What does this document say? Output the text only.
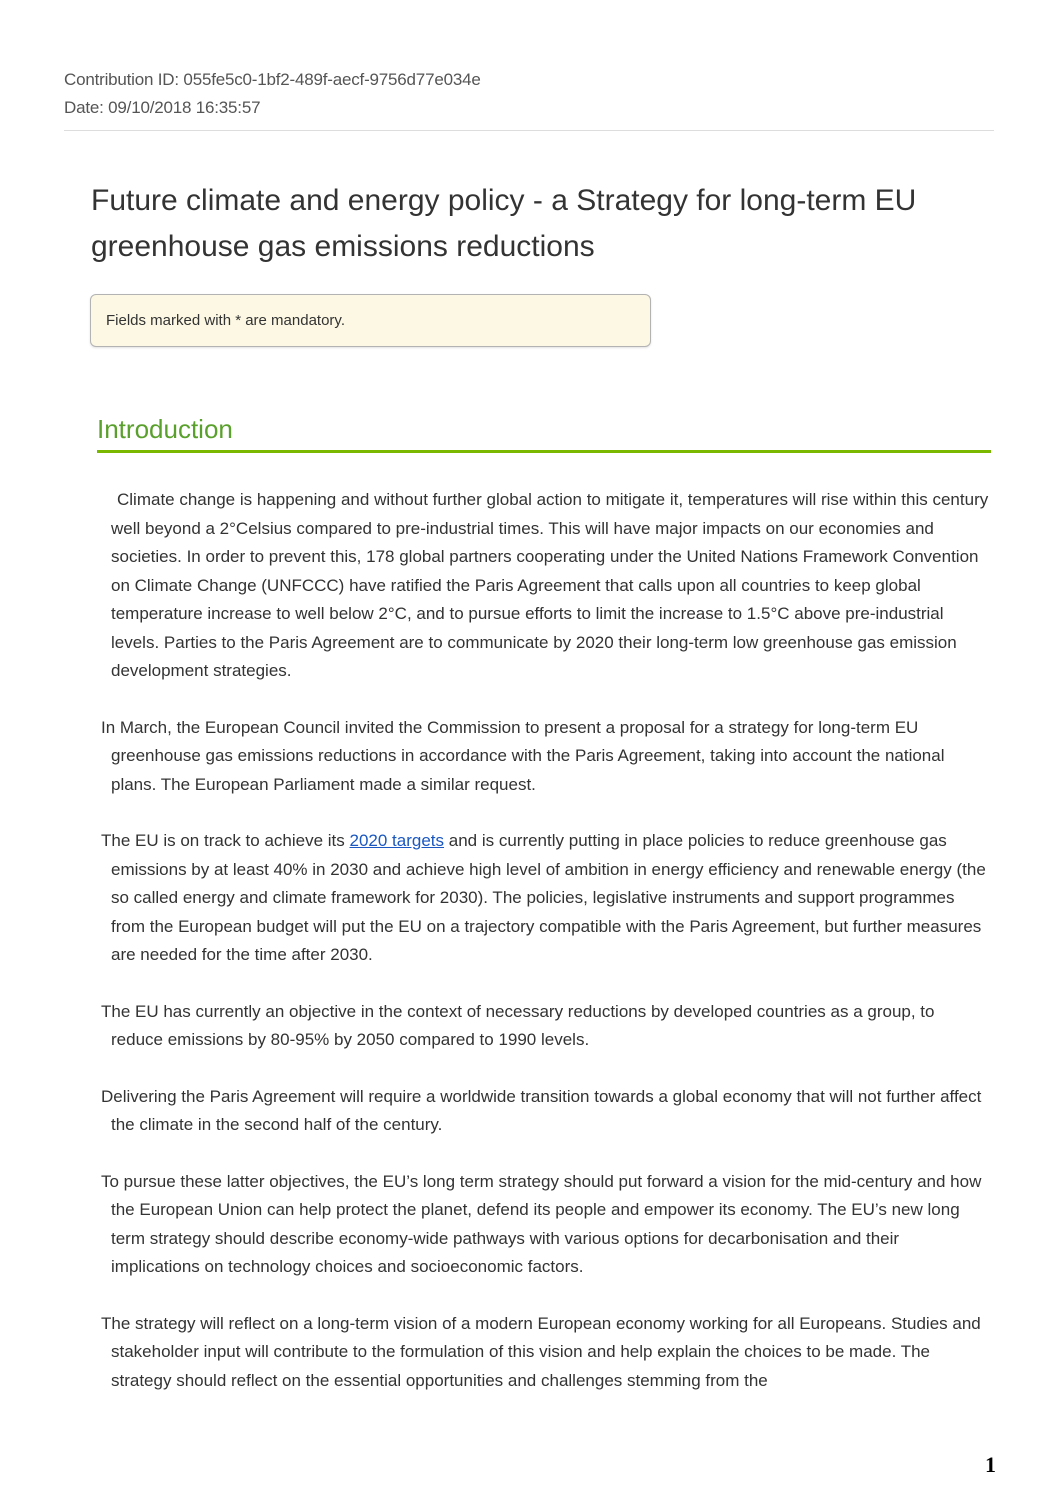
Contribution ID: 055fe5c0-1bf2-489f-aecf-9756d77e034e
Date: 09/10/2018 16:35:57
Future climate and energy policy - a Strategy for long-term EU greenhouse gas emissions reductions
Fields marked with * are mandatory.
Introduction

Climate change is happening and without further global action to mitigate it, temperatures will rise within this century well beyond a 2°Celsius compared to pre-industrial times. This will have major impacts on our economies and societies. In order to prevent this, 178 global partners cooperating under the United Nations Framework Convention on Climate Change (UNFCCC) have ratified the Paris Agreement that calls upon all countries to keep global temperature increase to well below 2°C, and to pursue efforts to limit the increase to 1.5°C above pre-industrial levels. Parties to the Paris Agreement are to communicate by 2020 their long-term low greenhouse gas emission development strategies.

In March, the European Council invited the Commission to present a proposal for a strategy for long-term EU greenhouse gas emissions reductions in accordance with the Paris Agreement, taking into account the national plans. The European Parliament made a similar request.

The EU is on track to achieve its 2020 targets and is currently putting in place policies to reduce greenhouse gas emissions by at least 40% in 2030 and achieve high level of ambition in energy efficiency and renewable energy (the so called energy and climate framework for 2030). The policies, legislative instruments and support programmes from the European budget will put the EU on a trajectory compatible with the Paris Agreement, but further measures are needed for the time after 2030.

The EU has currently an objective in the context of necessary reductions by developed countries as a group, to reduce emissions by 80-95% by 2050 compared to 1990 levels.

Delivering the Paris Agreement will require a worldwide transition towards a global economy that will not further affect the climate in the second half of the century.

To pursue these latter objectives, the EU’s long term strategy should put forward a vision for the mid-century and how the European Union can help protect the planet, defend its people and empower its economy. The EU’s new long term strategy should describe economy-wide pathways with various options for decarbonisation and their implications on technology choices and socioeconomic factors.

The strategy will reflect on a long-term vision of a modern European economy working for all Europeans. Studies and stakeholder input will contribute to the formulation of this vision and help explain the choices to be made. The strategy should reflect on the essential opportunities and challenges stemming from the

1
